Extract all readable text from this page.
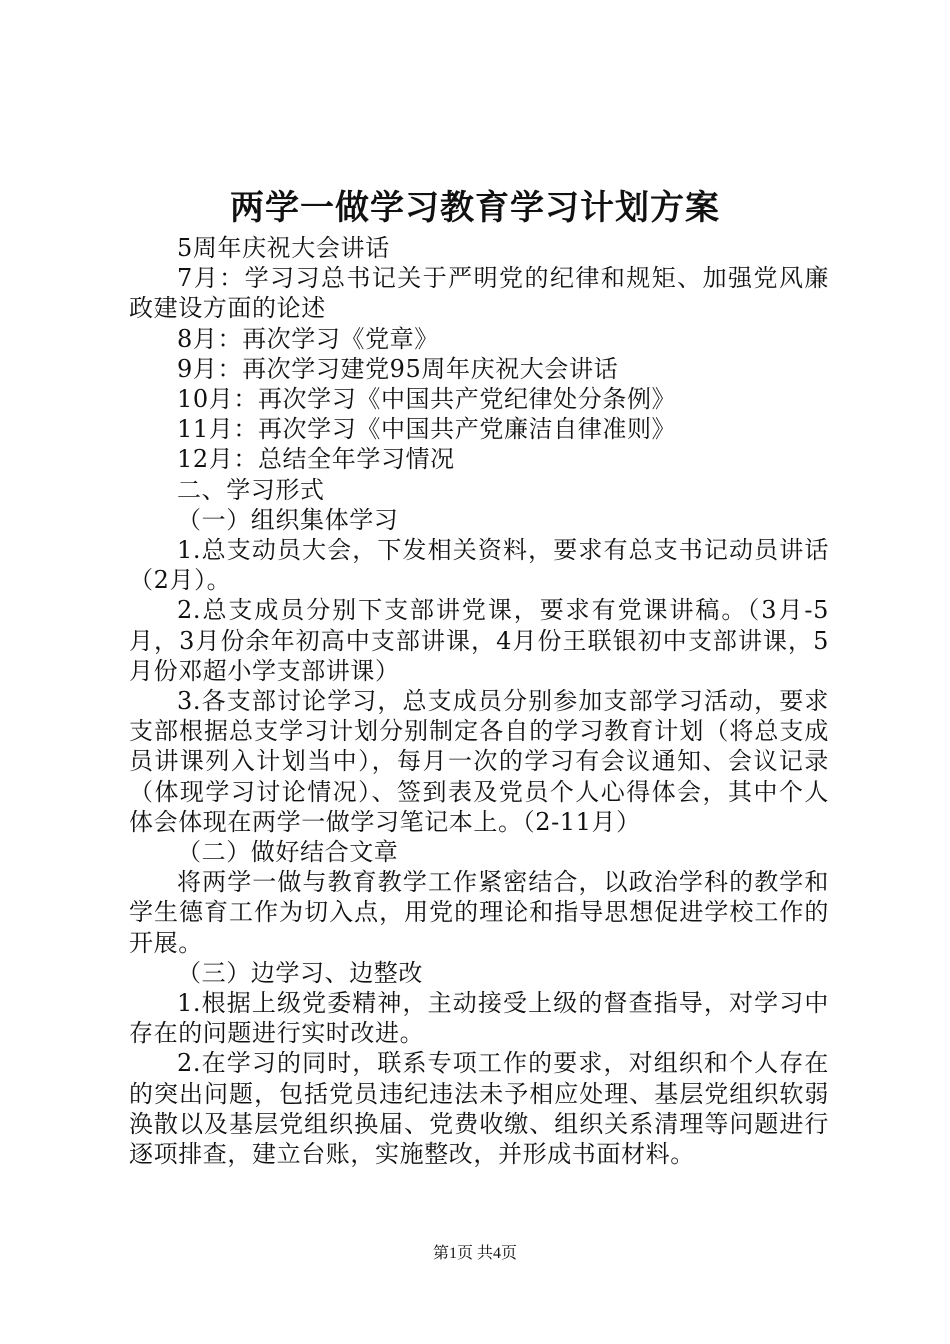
两学一做学习教育学习计划方案

5周年庆祝大会讲话

7月：学习习总书记关于严明党的纪律和规矩、加强党风廉政建设方面的论述

8月：再次学习《党章》

9月：再次学习建党95周年庆祝大会讲话

10月：再次学习《中国共产党纪律处分条例》

11月：再次学习《中国共产党廉洁自律准则》

12月：总结全年学习情况

二、学习形式

（一）组织集体学习

1.总支动员大会，下发相关资料，要求有总支书记动员讲话（2月）。

2.总支成员分别下支部讲党课，要求有党课讲稿。（3月-5月，3月份余年初高中支部讲课，4月份王联银初中支部讲课，5月份邓超小学支部讲课）

3.各支部讨论学习，总支成员分别参加支部学习活动，要求支部根据总支学习计划分别制定各自的学习教育计划（将总支成员讲课列入计划当中），每月一次的学习有会议通知、会议记录（体现学习讨论情况）、签到表及党员个人心得体会，其中个人体会体现在两学一做学习笔记本上。（2-11月）

（二）做好结合文章

将两学一做与教育教学工作紧密结合，以政治学科的教学和学生德育工作为切入点，用党的理论和指导思想促进学校工作的开展。

（三）边学习、边整改

1.根据上级党委精神，主动接受上级的督查指导，对学习中存在的问题进行实时改进。

2.在学习的同时，联系专项工作的要求，对组织和个人存在的突出问题，包括党员违纪违法未予相应处理、基层党组织软弱涣散以及基层党组织换届、党费收缴、组织关系清理等问题进行逐项排查，建立台账，实施整改，并形成书面材料。

第1页 共4页
